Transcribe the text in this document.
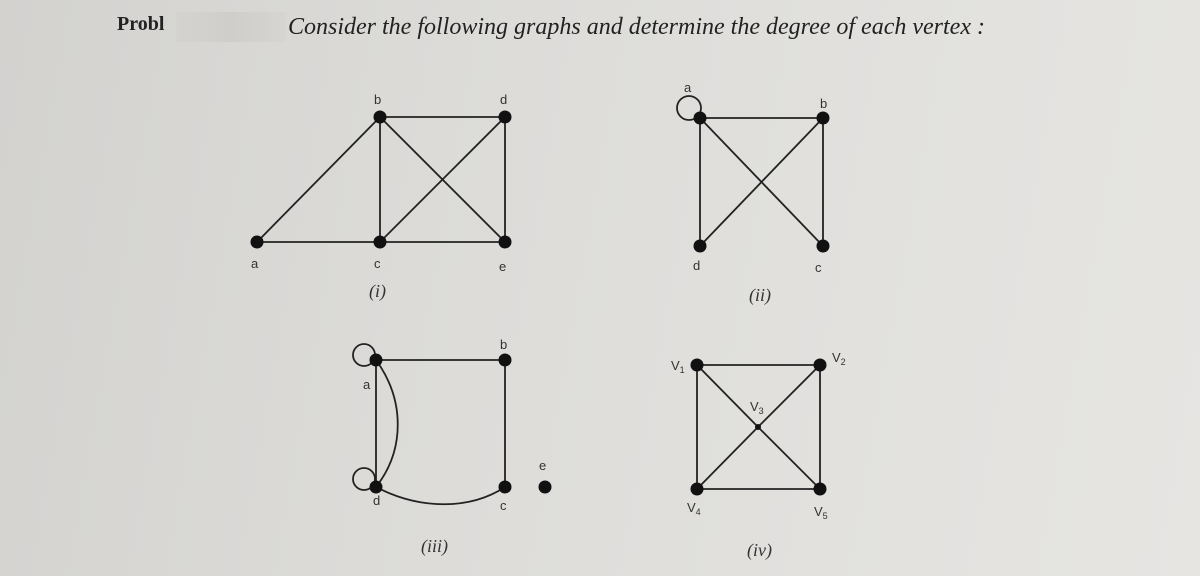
Probl	Consider the following graphs and determine the degree of each vertex :
a
b
c
d
e
(i)
a
b
c
d
(ii)
a
b
c
d
e
(iii)
$V_1$
$V_2$
$V_3$
$V_4$	$V_5$
(iv)
